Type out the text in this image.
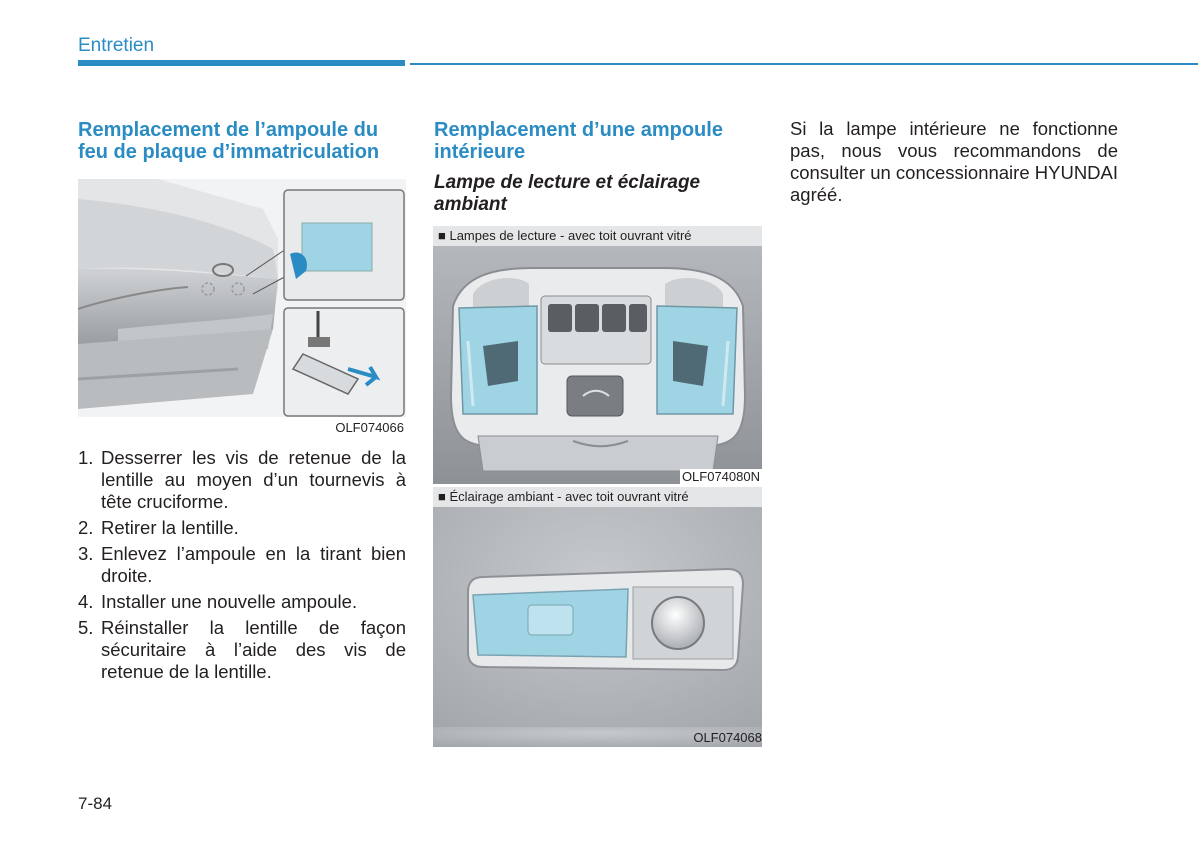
Entretien
Remplacement de l’ampoule du feu de plaque d’immatriculation
OLF074066
1. Desserrer les vis de retenue de la lentille au moyen d’un tournevis à tête cruciforme.
2. Retirer la lentille.
3. Enlevez l’ampoule en la tirant bien droite.
4. Installer une nouvelle ampoule.
5. Réinstaller la lentille de façon sécuritaire à l’aide des vis de retenue de la lentille.
Remplacement d’une ampoule intérieure
Lampe de lecture et éclairage ambiant
■ Lampes de lecture - avec toit ouvrant vitré
OLF074080N
■ Éclairage ambiant - avec toit ouvrant vitré
OLF074068
Si la lampe intérieure ne fonctionne pas, nous vous recommandons de consulter un concessionnaire HYUNDAI agréé.
7-84
